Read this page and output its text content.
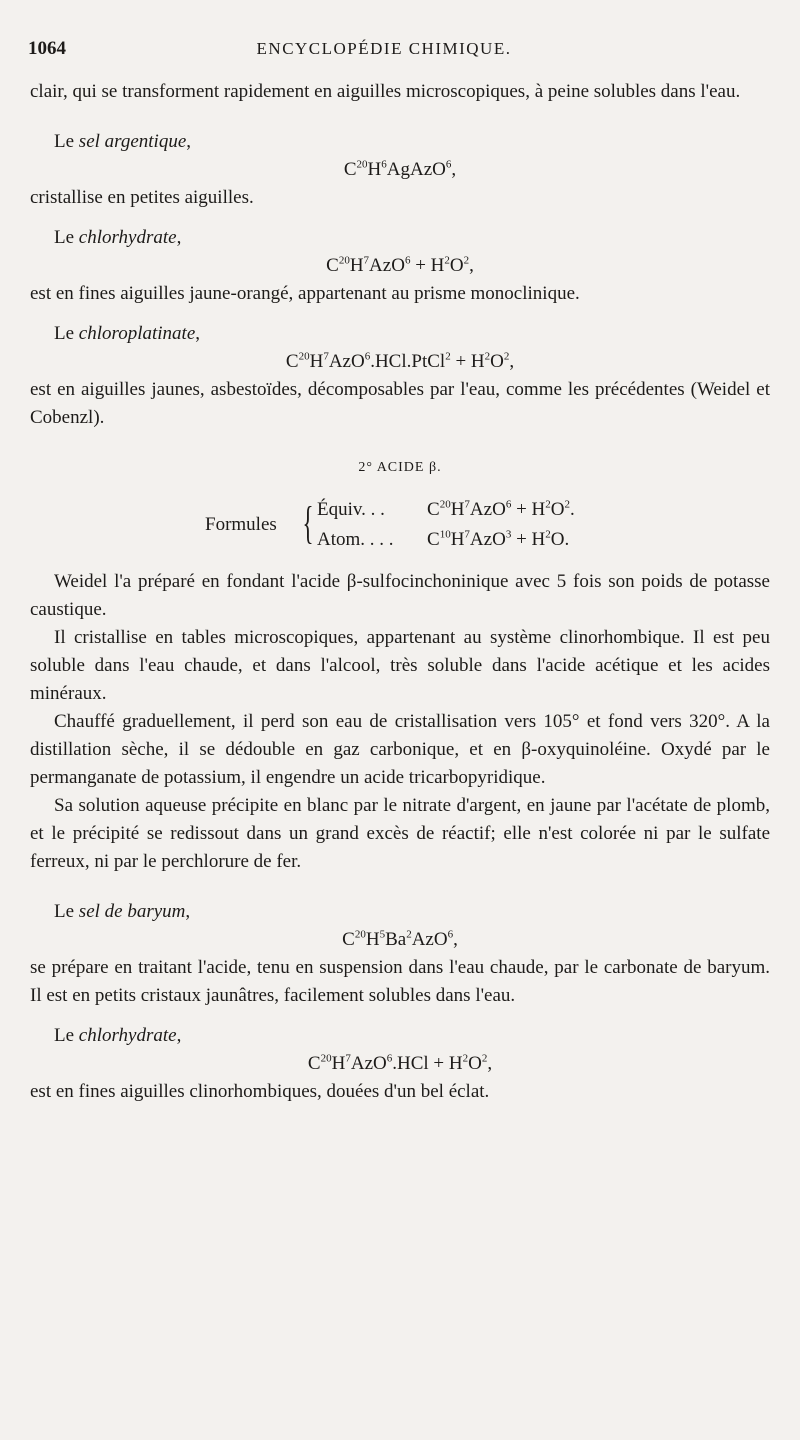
1064	ENCYCLOPÉDIE CHIMIQUE.

clair, qui se transforment rapidement en aiguilles microscopiques, à peine solubles dans l'eau.

Le sel argentique,

$C^{20}H^6AgAzO^6$,

cristallise en petites aiguilles.

Le chlorhydrate,

$C^{20}H^7AzO^6 + H^2O^2$,

est en fines aiguilles jaune-orangé, appartenant au prisme monoclinique.

Le chloroplatinate,

$C^{20}H^7AzO^6.HCl.PtCl^2 + H^2O^2$,

est en aiguilles jaunes, asbestoïdes, décomposables par l'eau, comme les précédentes (Weidel et Cobenzl).

2° ACIDE β.

Formules { Équiv. . . $C^{20}H^7AzO^6 + H^2O^2$.
Atom. . . . $C^{10}H^7AzO^3 + H^2O$.

Weidel l'a préparé en fondant l'acide β-sulfocinchoninique avec 5 fois son poids de potasse caustique.

Il cristallise en tables microscopiques, appartenant au système clinorhombique. Il est peu soluble dans l'eau chaude, et dans l'alcool, très soluble dans l'acide acétique et les acides minéraux.

Chauffé graduellement, il perd son eau de cristallisation vers 105° et fond vers 320°. A la distillation sèche, il se dédouble en gaz carbonique, et en β-oxyquinoléine. Oxydé par le permanganate de potassium, il engendre un acide tricarbopyridique.

Sa solution aqueuse précipite en blanc par le nitrate d'argent, en jaune par l'acétate de plomb, et le précipité se redissout dans un grand excès de réactif; elle n'est colorée ni par le sulfate ferreux, ni par le perchlorure de fer.

Le sel de baryum,

$C^{20}H^5Ba^2AzO^6$,

se prépare en traitant l'acide, tenu en suspension dans l'eau chaude, par le carbonate de baryum. Il est en petits cristaux jaunâtres, facilement solubles dans l'eau.

Le chlorhydrate,

$C^{20}H^7AzO^6.HCl + H^2O^2$,

est en fines aiguilles clinorhombiques, douées d'un bel éclat.
